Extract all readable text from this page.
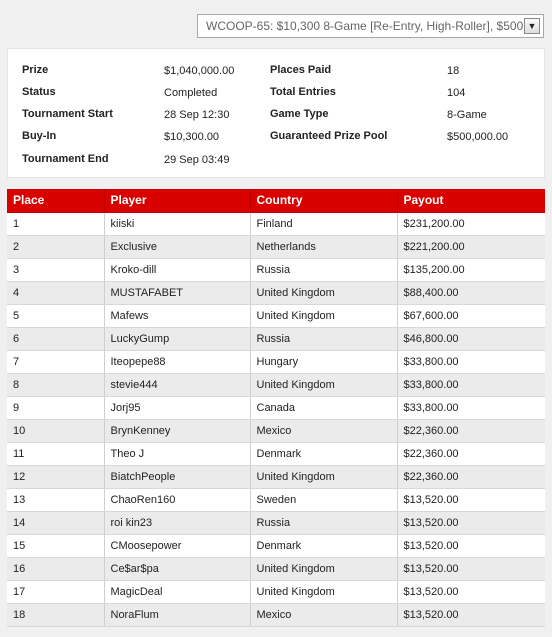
WCOOP-65: $10,300 8-Game [Re-Entry, High-Roller], $500 ▼
Prize	$1,040,000.00
Status	Completed
Tournament Start	28 Sep 12:30
Buy-In	$10,300.00
Tournament End	29 Sep 03:49
Places Paid	18
Total Entries	104
Game Type	8-Game
Guaranteed Prize Pool	$500,000.00
Place	Player	Country	Payout
1	kiiski	Finland	$231,200.00
2	Exclusive	Netherlands	$221,200.00
3	Kroko-dill	Russia	$135,200.00
4	MUSTAFABET	United Kingdom	$88,400.00
5	Mafews	United Kingdom	$67,600.00
6	LuckyGump	Russia	$46,800.00
7	Iteopepe88	Hungary	$33,800.00
8	stevie444	United Kingdom	$33,800.00
9	Jorj95	Canada	$33,800.00
10	BrynKenney	Mexico	$22,360.00
11	Theo J	Denmark	$22,360.00
12	BiatchPeople	United Kingdom	$22,360.00
13	ChaoRen160	Sweden	$13,520.00
14	roi kin23	Russia	$13,520.00
15	CMoosepower	Denmark	$13,520.00
16	Ce$ar$pa	United Kingdom	$13,520.00
17	MagicDeal	United Kingdom	$13,520.00
18	NoraFlum	Mexico	$13,520.00
